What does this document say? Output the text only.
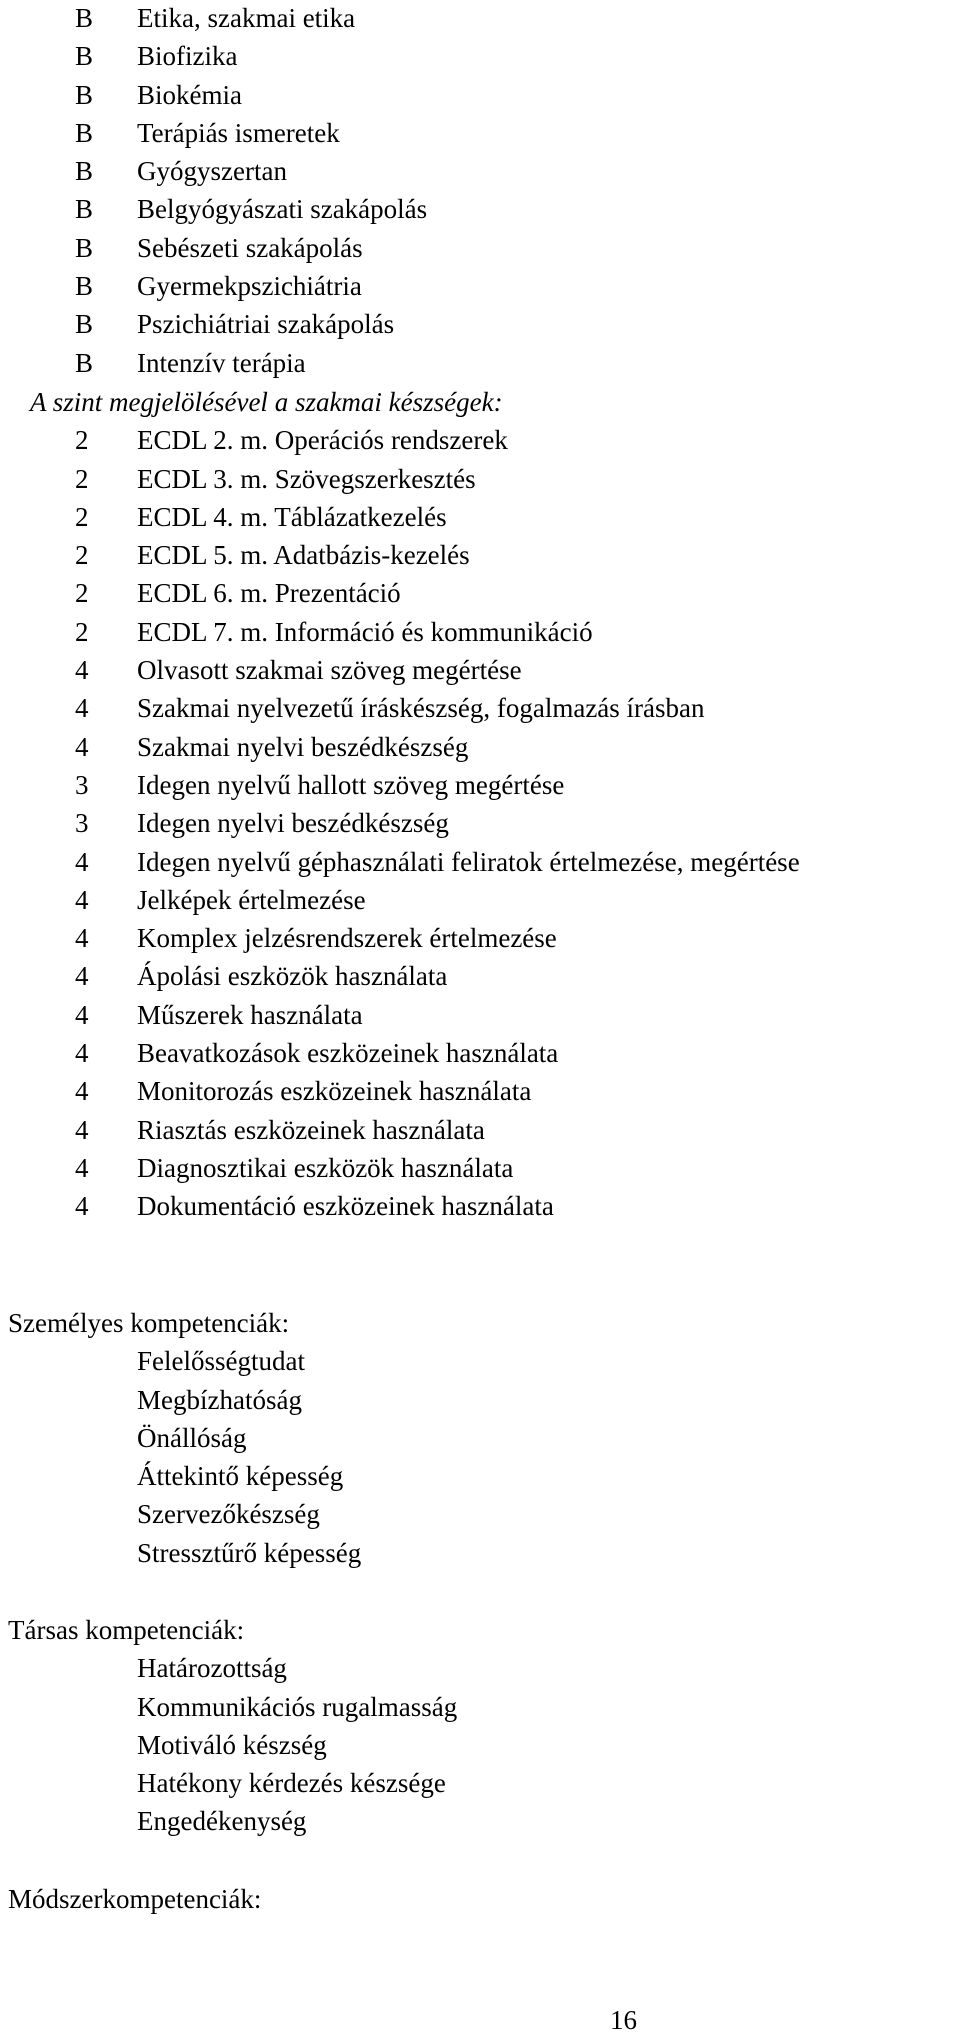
B Etika, szakmai etika
B Biofizika
B Biokémia
B Terápiás ismeretek
B Gyógyszertan
B Belgyógyászati szakápolás
B Sebészeti szakápolás
B Gyermekpszichiátria
B Pszichiátriai szakápolás
B Intenzív terápia
A szint megjelölésével a szakmai készségek:
2 ECDL 2. m. Operációs rendszerek
2 ECDL 3. m. Szövegszerkesztés
2 ECDL 4. m. Táblázatkezelés
2 ECDL 5. m. Adatbázis-kezelés
2 ECDL 6. m. Prezentáció
2 ECDL 7. m. Információ és kommunikáció
4 Olvasott szakmai szöveg megértése
4 Szakmai nyelvezetű íráskészség, fogalmazás írásban
4 Szakmai nyelvi beszédkészség
3 Idegen nyelvű hallott szöveg megértése
3 Idegen nyelvi beszédkészség
4 Idegen nyelvű géphasználati feliratok értelmezése, megértése
4 Jelképek értelmezése
4 Komplex jelzésrendszerek értelmezése
4 Ápolási eszközök használata
4 Műszerek használata
4 Beavatkozások eszközeinek használata
4 Monitorozás eszközeinek használata
4 Riasztás eszközeinek használata
4 Diagnosztikai eszközök használata
4 Dokumentáció eszközeinek használata
Személyes kompetenciák:
Felelősségtudat
Megbízhatóság
Önállóság
Áttekintő képesség
Szervezőkészség
Stressztűrő képesség
Társas kompetenciák:
Határozottság
Kommunikációs rugalmasság
Motiváló készség
Hatékony kérdezés készsége
Engedékenység
Módszerkompetenciák:
16
